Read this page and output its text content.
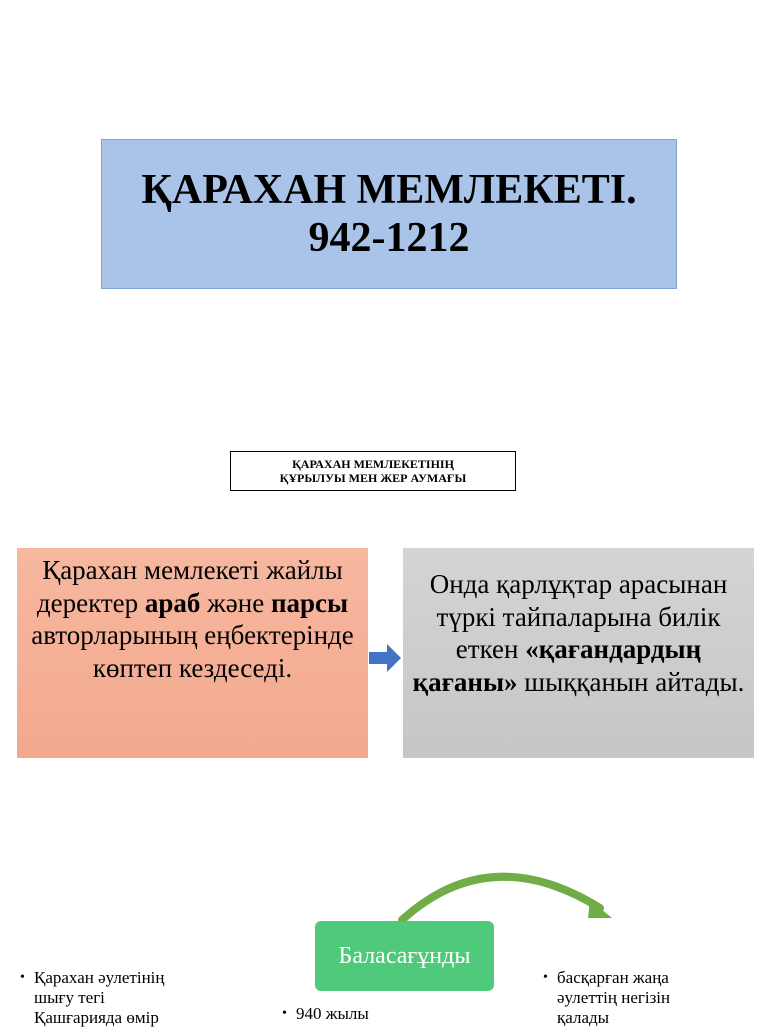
ҚАРАХАН МЕМЛЕКЕТІ.
942-1212
ҚАРАХАН МЕМЛЕКЕТІНІҢ
ҚҰРЫЛУЫ МЕН ЖЕР АУМАҒЫ
Қарахан мемлекеті жайлы деректер араб және парсы авторларының еңбектерінде көптеп кездеседі.
Онда қарлұқтар арасынан түркі тайпаларына билік еткен «қағандардың қағаны» шыққанын айтады.
Баласағұнды
• Қарахан әулетінің
шығу тегі
Қашғарияда өмір	• 940 жылы
• басқарған жаңа
әулеттің негізін
қалады
